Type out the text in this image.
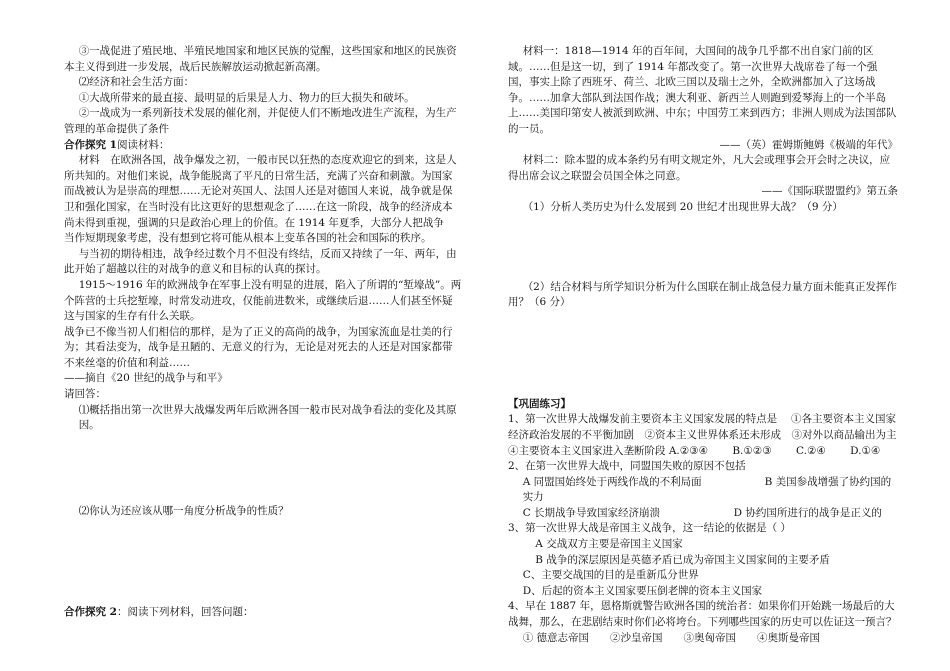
③一战促进了殖民地、半殖民地国家和地区民族的觉醒，这些国家和地区的民族资本主义得到进一步发展，战后民族解放运动掀起新高潮。

⑵经济和社会生活方面：

①大战所带来的最直接、最明显的后果是人力、物力的巨大损失和破坏。

②一战成为一系列新技术发展的催化剂，并促使人们不断地改进生产流程，为生产管理的革命提供了条件

合作探究 1阅读材料：

材料　在欧洲各国，战争爆发之初，一般市民以狂热的态度欢迎它的到来，这是人所共知的。对他们来说，战争能脱离了平凡的日常生活，充满了兴奋和刺激。为国家而战被认为是崇高的理想……无论对英国人、法国人还是对德国人来说，战争就是保卫和强化国家，在当时没有比这更好的思想观念了……在这一阶段，战争的经济成本尚未得到重视，强调的只是政治心理上的价值。在 1914 年夏季，大部分人把战争

当作短期现象考虑，没有想到它将可能从根本上变革各国的社会和国际的秩序。

与当初的期待相违，战争经过数个月不但没有终结，反而又持续了一年、两年，由此开始了超越以往的对战争的意义和目标的认真的探讨。

1915～1916 年的欧洲战争在军事上没有明显的进展，陷入了所谓的“堑壕战”。两个阵营的士兵挖堑壕，时常发动进攻，仅能前进数米，或继续后退……人们甚至怀疑这与国家的生存有什么关联。

战争已不像当初人们相信的那样，是为了正义的高尚的战争，为国家流血是壮美的行为；其看法变为，战争是丑陋的、无意义的行为，无论是对死去的人还是对国家都带不来丝毫的价值和利益……

——摘自《20 世纪的战争与和平》

请回答：

⑴概括指出第一次世界大战爆发两年后欧洲各国一般市民对战争看法的变化及其原因。

⑵你认为还应该从哪一角度分析战争的性质？

合作探究 2：阅读下列材料，回答问题：

材料一：1818—1914 年的百年间，大国间的战争几乎都不出自家门前的区域。……但是这一切，到了 1914 年都改变了。第一次世界大战席卷了每一个强国，事实上除了西班牙、荷兰、北欧三国以及瑞士之外，全欧洲都加入了这场战争。……加拿大部队到法国作战；澳大利亚、新西兰人则跑到爱琴海上的一个半岛上……美国印第安人被派到欧洲、中东；中国劳工来到西方；非洲人则成为法国部队的一员。

——（英）霍姆斯鲍姆《极端的年代》

材料二：除本盟的成本条约另有明文规定外，凡大会或理事会开会时之决议，应得出席会议之联盟会员国全体之同意。

——《国际联盟盟约》第五条

（1）分析人类历史为什么发展到 20 世纪才出现世界大战？（9 分）

（2）结合材料与所学知识分析为什么国联在制止战急侵力量方面未能真正发挥作用？（6 分）

【巩固练习】

1、第一次世界大战爆发前主要资本主义国家发展的特点是　 ①各主要资本主义国家经济政治发展的不平衡加剧　②资本主义世界体系还未形成　③对外以商品输出为主　 ④主要资本主义国家进入垄断阶段 A.②③④　　 B.①②③　　 C.②④　　 D.①④

2、在第一次世界大战中，同盟国失败的原因不包括

A 同盟国始终处于两线作战的不利局面　　　　　　	B 美国参战增强了协约国的实力

C 长期战争导致国家经济崩溃　　　　　　　	D 协约国所进行的战争是正义的

3、第一次世界大战是帝国主义战争，这一结论的依据是（ ）

A 交战双方主要是帝国主义国家

B 战争的深层原因是英德矛盾已成为帝国主义国家间的主要矛盾

C、主要交战国的目的是重新瓜分世界

D、后起的资本主义国家要压倒老牌的资本主义国家

4、早在 1887 年，恩格斯就警告欧洲各国的统治者：如果你们开始跳一场最后的大战舞，那么，在悲剧结束时你们必将垮台。下列哪些国家的历史可以佐证这一预言？

① 德意志帝国　　②沙皇帝国　　③奥匈帝国　　④奥斯曼帝国
